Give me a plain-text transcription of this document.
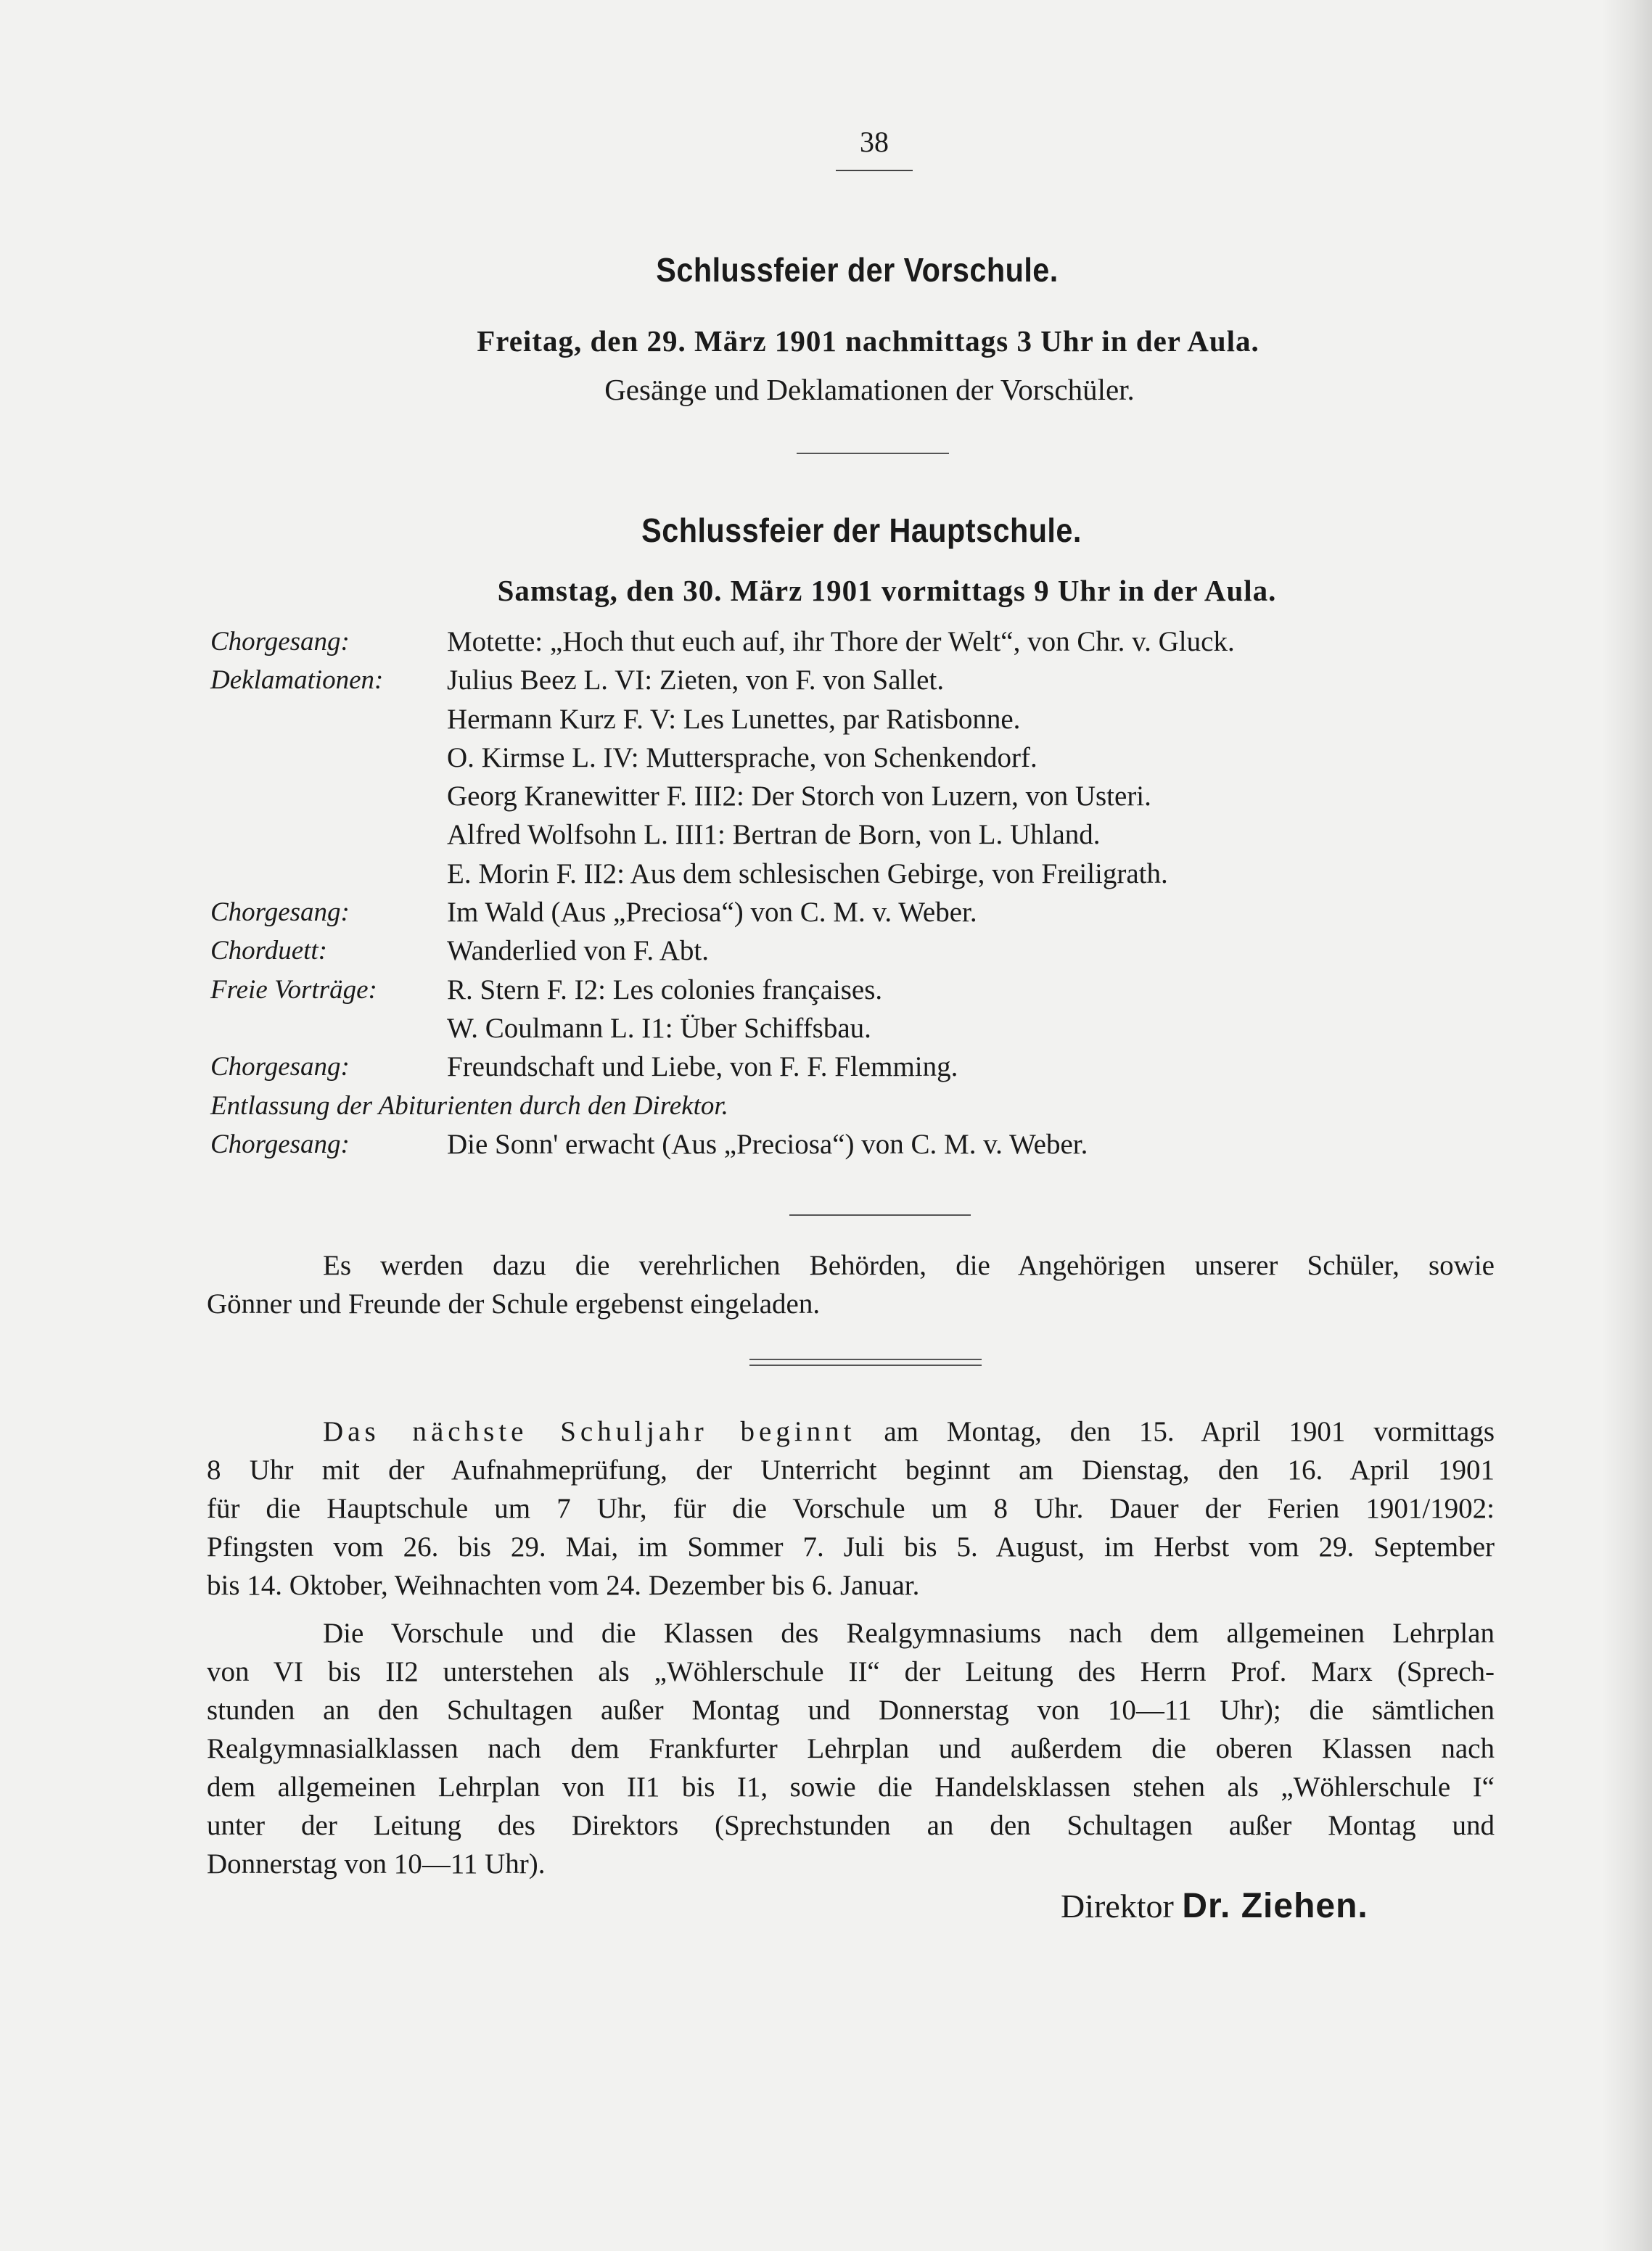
38
Schlussfeier der Vorschule.
Freitag, den 29. März 1901 nachmittags 3 Uhr in der Aula.
Gesänge und Deklamationen der Vorschüler.
Schlussfeier der Hauptschule.
Samstag, den 30. März 1901 vormittags 9 Uhr in der Aula.
Chorgesang:	Motette: „Hoch thut euch auf, ihr Thore der Welt“, von Chr. v. Gluck.
Deklamationen: Julius Beez L. VI: Zieten, von F. von Sallet.
Hermann Kurz F. V: Les Lunettes, par Ratisbonne.
O. Kirmse L. IV: Muttersprache, von Schenkendorf.
Georg Kranewitter F. III2: Der Storch von Luzern, von Usteri.
Alfred Wolfsohn L. III1: Bertran de Born, von L. Uhland.
E. Morin F. II2: Aus dem schlesischen Gebirge, von Freiligrath.
Chorgesang:	Im Wald (Aus „Preciosa“) von C. M. v. Weber.
Chorduett:	Wanderlied von F. Abt.
Freie Vorträge: R. Stern F. I2: Les colonies françaises.
W. Coulmann L. I1: Über Schiffsbau.
Chorgesang:	Freundschaft und Liebe, von F. F. Flemming.
Entlassung der Abiturienten durch den Direktor.
Chorgesang:	Die Sonn' erwacht (Aus „Preciosa“) von C. M. v. Weber.
Es werden dazu die verehrlichen Behörden, die Angehörigen unserer Schüler, sowie
Gönner und Freunde der Schule ergebenst eingeladen.
Das nächste Schuljahr beginnt am Montag, den 15. April 1901 vormittags
8 Uhr mit der Aufnahmeprüfung, der Unterricht beginnt am Dienstag, den 16. April 1901
für die Hauptschule um 7 Uhr, für die Vorschule um 8 Uhr. Dauer der Ferien 1901/1902:
Pfingsten vom 26. bis 29. Mai, im Sommer 7. Juli bis 5. August, im Herbst vom 29. September
bis 14. Oktober, Weihnachten vom 24. Dezember bis 6. Januar.
Die Vorschule und die Klassen des Realgymnasiums nach dem allgemeinen Lehrplan
von VI bis II2 unterstehen als „Wöhlerschule II“ der Leitung des Herrn Prof. Marx (Sprech-
stunden an den Schultagen außer Montag und Donnerstag von 10—11 Uhr); die sämtlichen
Realgymnasialklassen nach dem Frankfurter Lehrplan und außerdem die oberen Klassen nach
dem allgemeinen Lehrplan von II1 bis I1, sowie die Handelsklassen stehen als „Wöhlerschule I“
unter der Leitung des Direktors (Sprechstunden an den Schultagen außer Montag und
Donnerstag von 10—11 Uhr).
Direktor Dr. Ziehen.
